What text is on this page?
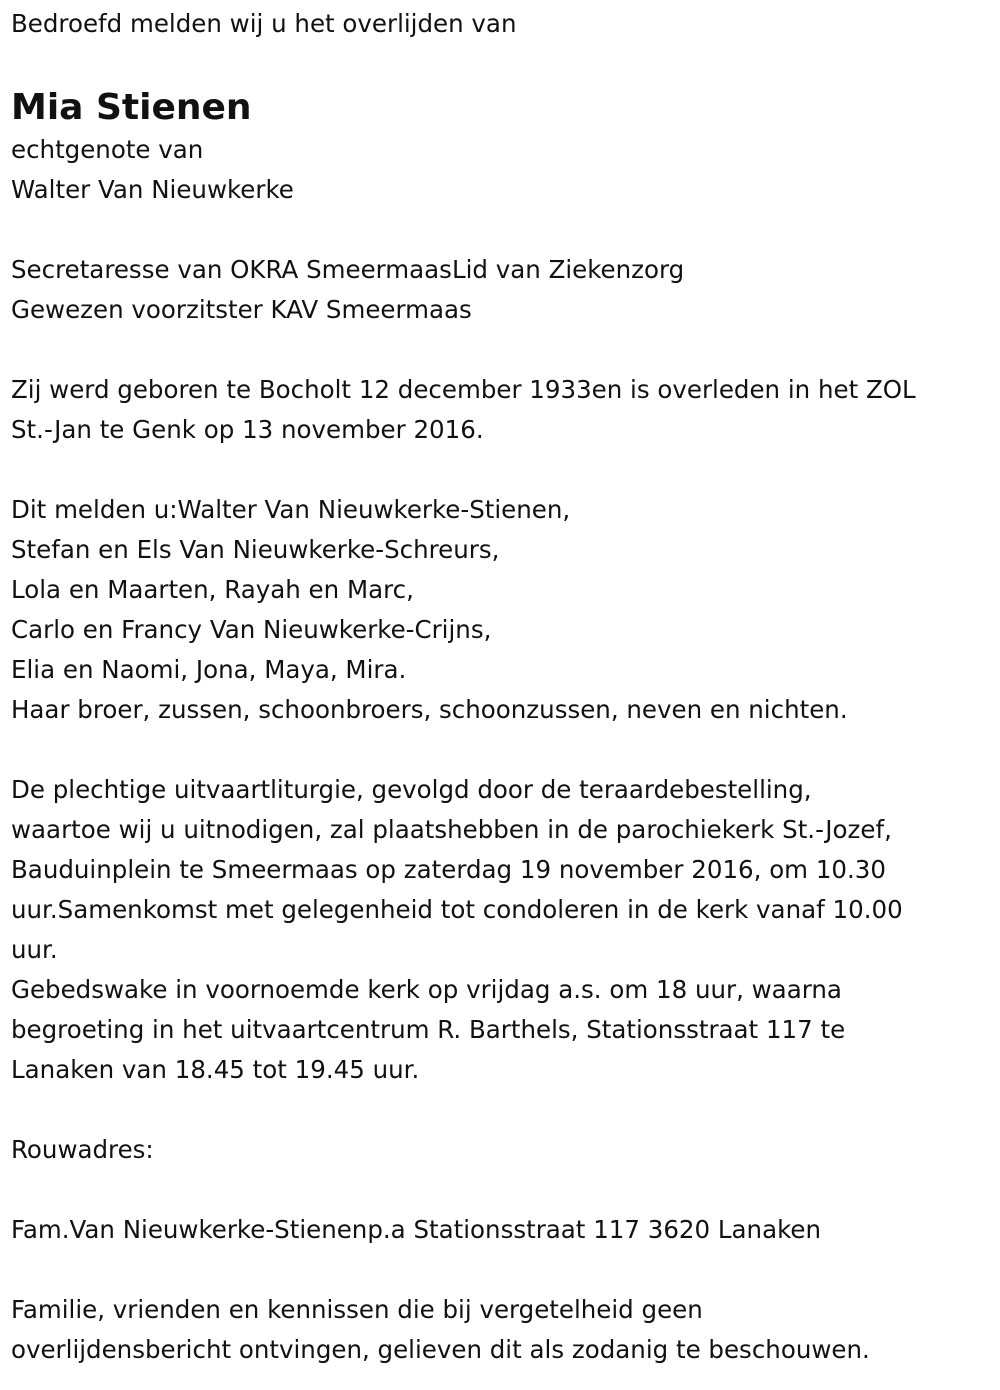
Bedroefd melden wij u het overlijden van
Mia Stienen
echtgenote van
Walter Van Nieuwkerke
Secretaresse van OKRA SmeermaasLid van Ziekenzorg
Gewezen voorzitster KAV Smeermaas
Zij werd geboren te Bocholt 12 december 1933en is overleden in het ZOL
St.-Jan te Genk op 13 november 2016.
Dit melden u:Walter Van Nieuwkerke-Stienen,
Stefan en Els Van Nieuwkerke-Schreurs,
Lola en Maarten, Rayah en Marc,
Carlo en Francy Van Nieuwkerke-Crijns,
Elia en Naomi, Jona, Maya, Mira.
Haar broer, zussen, schoonbroers, schoonzussen, neven en nichten.
De plechtige uitvaartliturgie, gevolgd door de teraardebestelling,
waartoe wij u uitnodigen, zal plaatshebben in de parochiekerk St.-Jozef,
Bauduinplein te Smeermaas op zaterdag 19 november 2016, om 10.30
uur.Samenkomst met gelegenheid tot condoleren in de kerk vanaf 10.00
uur.
Gebedswake in voornoemde kerk op vrijdag a.s. om 18 uur, waarna
begroeting in het uitvaartcentrum R. Barthels, Stationsstraat 117 te
Lanaken van 18.45 tot 19.45 uur.
Rouwadres:
Fam.Van Nieuwkerke-Stienenp.a Stationsstraat 117 3620 Lanaken
Familie, vrienden en kennissen die bij vergetelheid geen
overlijdensbericht ontvingen, gelieven dit als zodanig te beschouwen.
